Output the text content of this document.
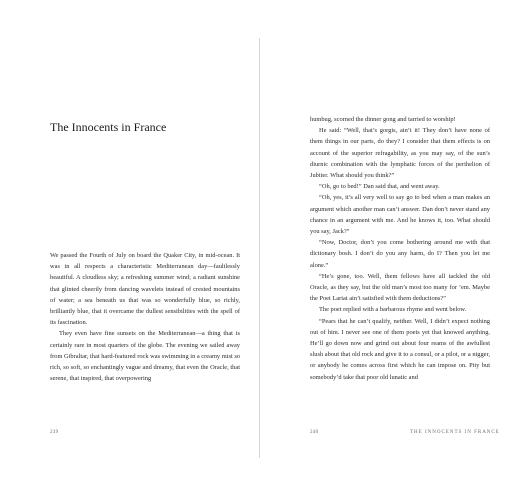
The Innocents in France

We passed the Fourth of July on board the Quaker City, in mid-ocean. It was in all respects a characteristic Mediterranean day—faultlessly beautiful. A cloudless sky; a refreshing summer wind; a radiant sunshine that glinted cheerily from dancing wavelets instead of crested mountains of water; a sea beneath us that was so wonderfully blue, so richly, brilliantly blue, that it overcame the dullest sensibilities with the spell of its fascination.

They even have fine sunsets on the Mediterranean—a thing that is certainly rare in most quarters of the globe. The evening we sailed away from Gibraltar, that hard-featured rock was swimming in a creamy mist so rich, so soft, so enchantingly vague and dreamy, that even the Oracle, that serene, that inspired, that overpowering

239

humbug, scorned the dinner gong and tarried to worship!

He said: “Well, that’s gorgis, ain’t it! They don’t have none of them things in our parts, do they? I consider that them effects is on account of the superior refragability, as you may say, of the sun’s diurnic combination with the lymphatic forces of the perihelion of Jubiter. What should you think?”

“Oh, go to bed!” Dan said that, and went away.

“Oh, yes, it’s all very well to say go to bed when a man makes an argument which another man can’t answer. Dan don’t never stand any chance in an argument with me. And he knows it, too. What should you say, Jack?”

“Now, Doctor, don’t you come bothering around me with that dictionary bosh. I don’t do you any harm, do I? Then you let me alone.”

“He’s gone, too. Well, them fellows have all tackled the old Oracle, as they say, but the old man’s most too many for ’em. Maybe the Poet Lariat ain’t satisfied with them deductions?”

The poet replied with a barbarous rhyme and went below.

“Pears that he can’t qualify, neither. Well, I didn’t expect nothing out of him. I never see one of them poets yet that knowed anything. He’ll go down now and grind out about four reams of the awfullest slush about that old rock and give it to a consul, or a pilot, or a nigger, or anybody he comes across first which he can impose on. Pity but somebody’d take that poor old lunatic and

240	THE INNOCENTS IN FRANCE
